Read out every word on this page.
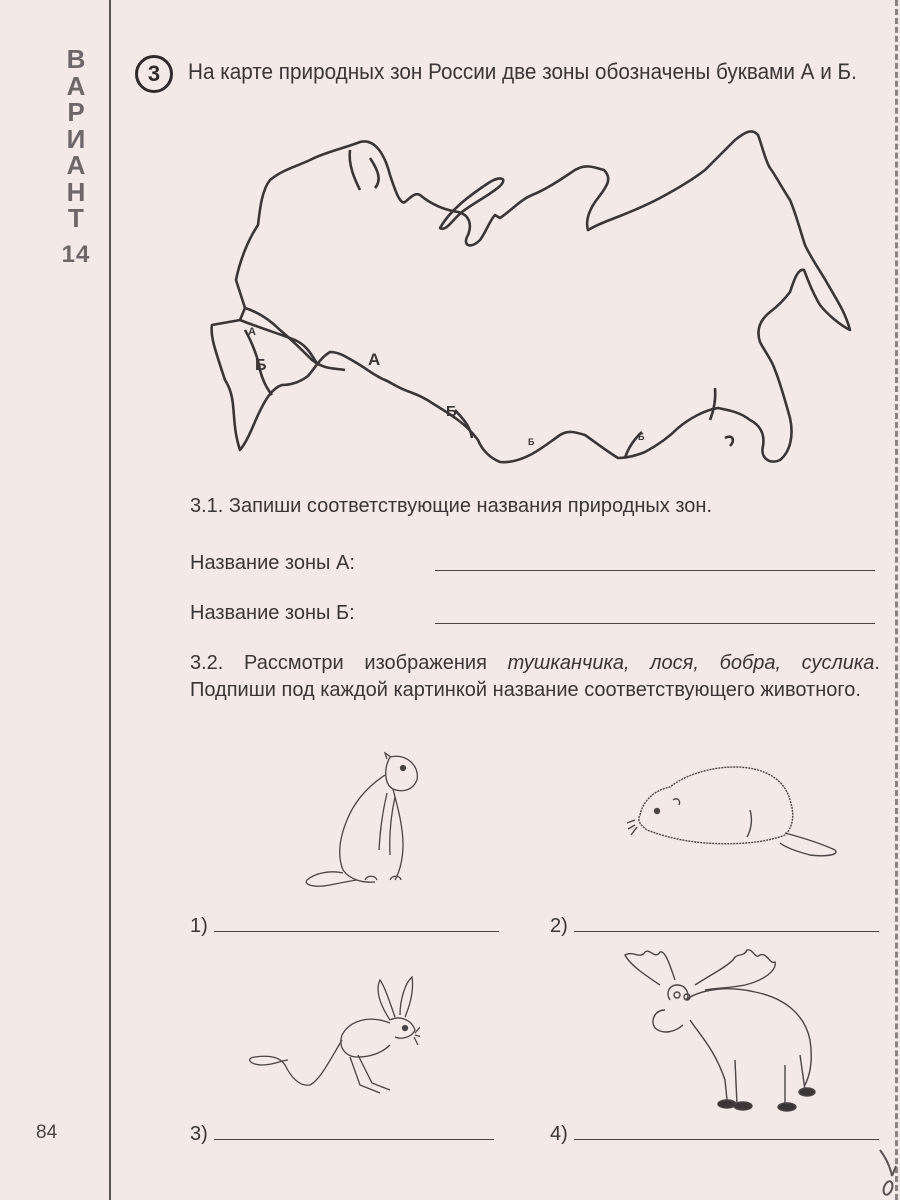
В
А
Р
И
А
Н
Т
14
84
3	На карте природных зон России две зоны обозначены буквами А и Б.
Б
А
А
Б
Б	Б
3.1. Запиши соответствующие названия природных зон.
Название зоны А:
Название зоны Б:
3.2. Рассмотри изображения тушканчика, лося, бобра, суслика. Подпиши под каждой картинкой название соответствующего животного.
1)	2)
3)	4)
